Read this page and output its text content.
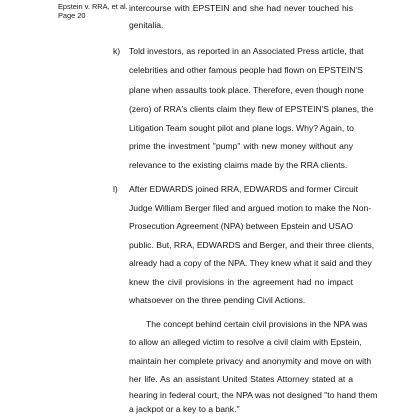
Epstein v. RRA, et al.
Page 20
intercourse with EPSTEIN and she had never touched his
genitalia.
k) Told investors, as reported in an Associated Press article, that
celebrities and other famous people had flown on EPSTEIN'S
plane when assaults took place. Therefore, even though none
(zero) of RRA's clients claim they flew of EPSTEIN'S planes, the
Litigation Team sought pilot and plane logs. Why? Again, to
prime the investment "pump" with new money without any
relevance to the existing claims made by the RRA clients.
l) After EDWARDS joined RRA, EDWARDS and former Circuit
Judge William Berger filed and argued motion to make the Non-
Prosecution Agreement (NPA) between Epstein and USAO
public. But, RRA, EDWARDS and Berger, and their three clients,
already had a copy of the NPA. They knew what it said and they
knew the civil provisions in the agreement had no impact
whatsoever on the three pending Civil Actions.
The concept behind certain civil provisions in the NPA was
to allow an alleged victim to resolve a civil claim with Epstein,
maintain her complete privacy and anonymity and move on with
her life. As an assistant United States Attorney stated at a
hearing in federal court, the NPA was not designed "to hand them
a jackpot or a key to a bank."
